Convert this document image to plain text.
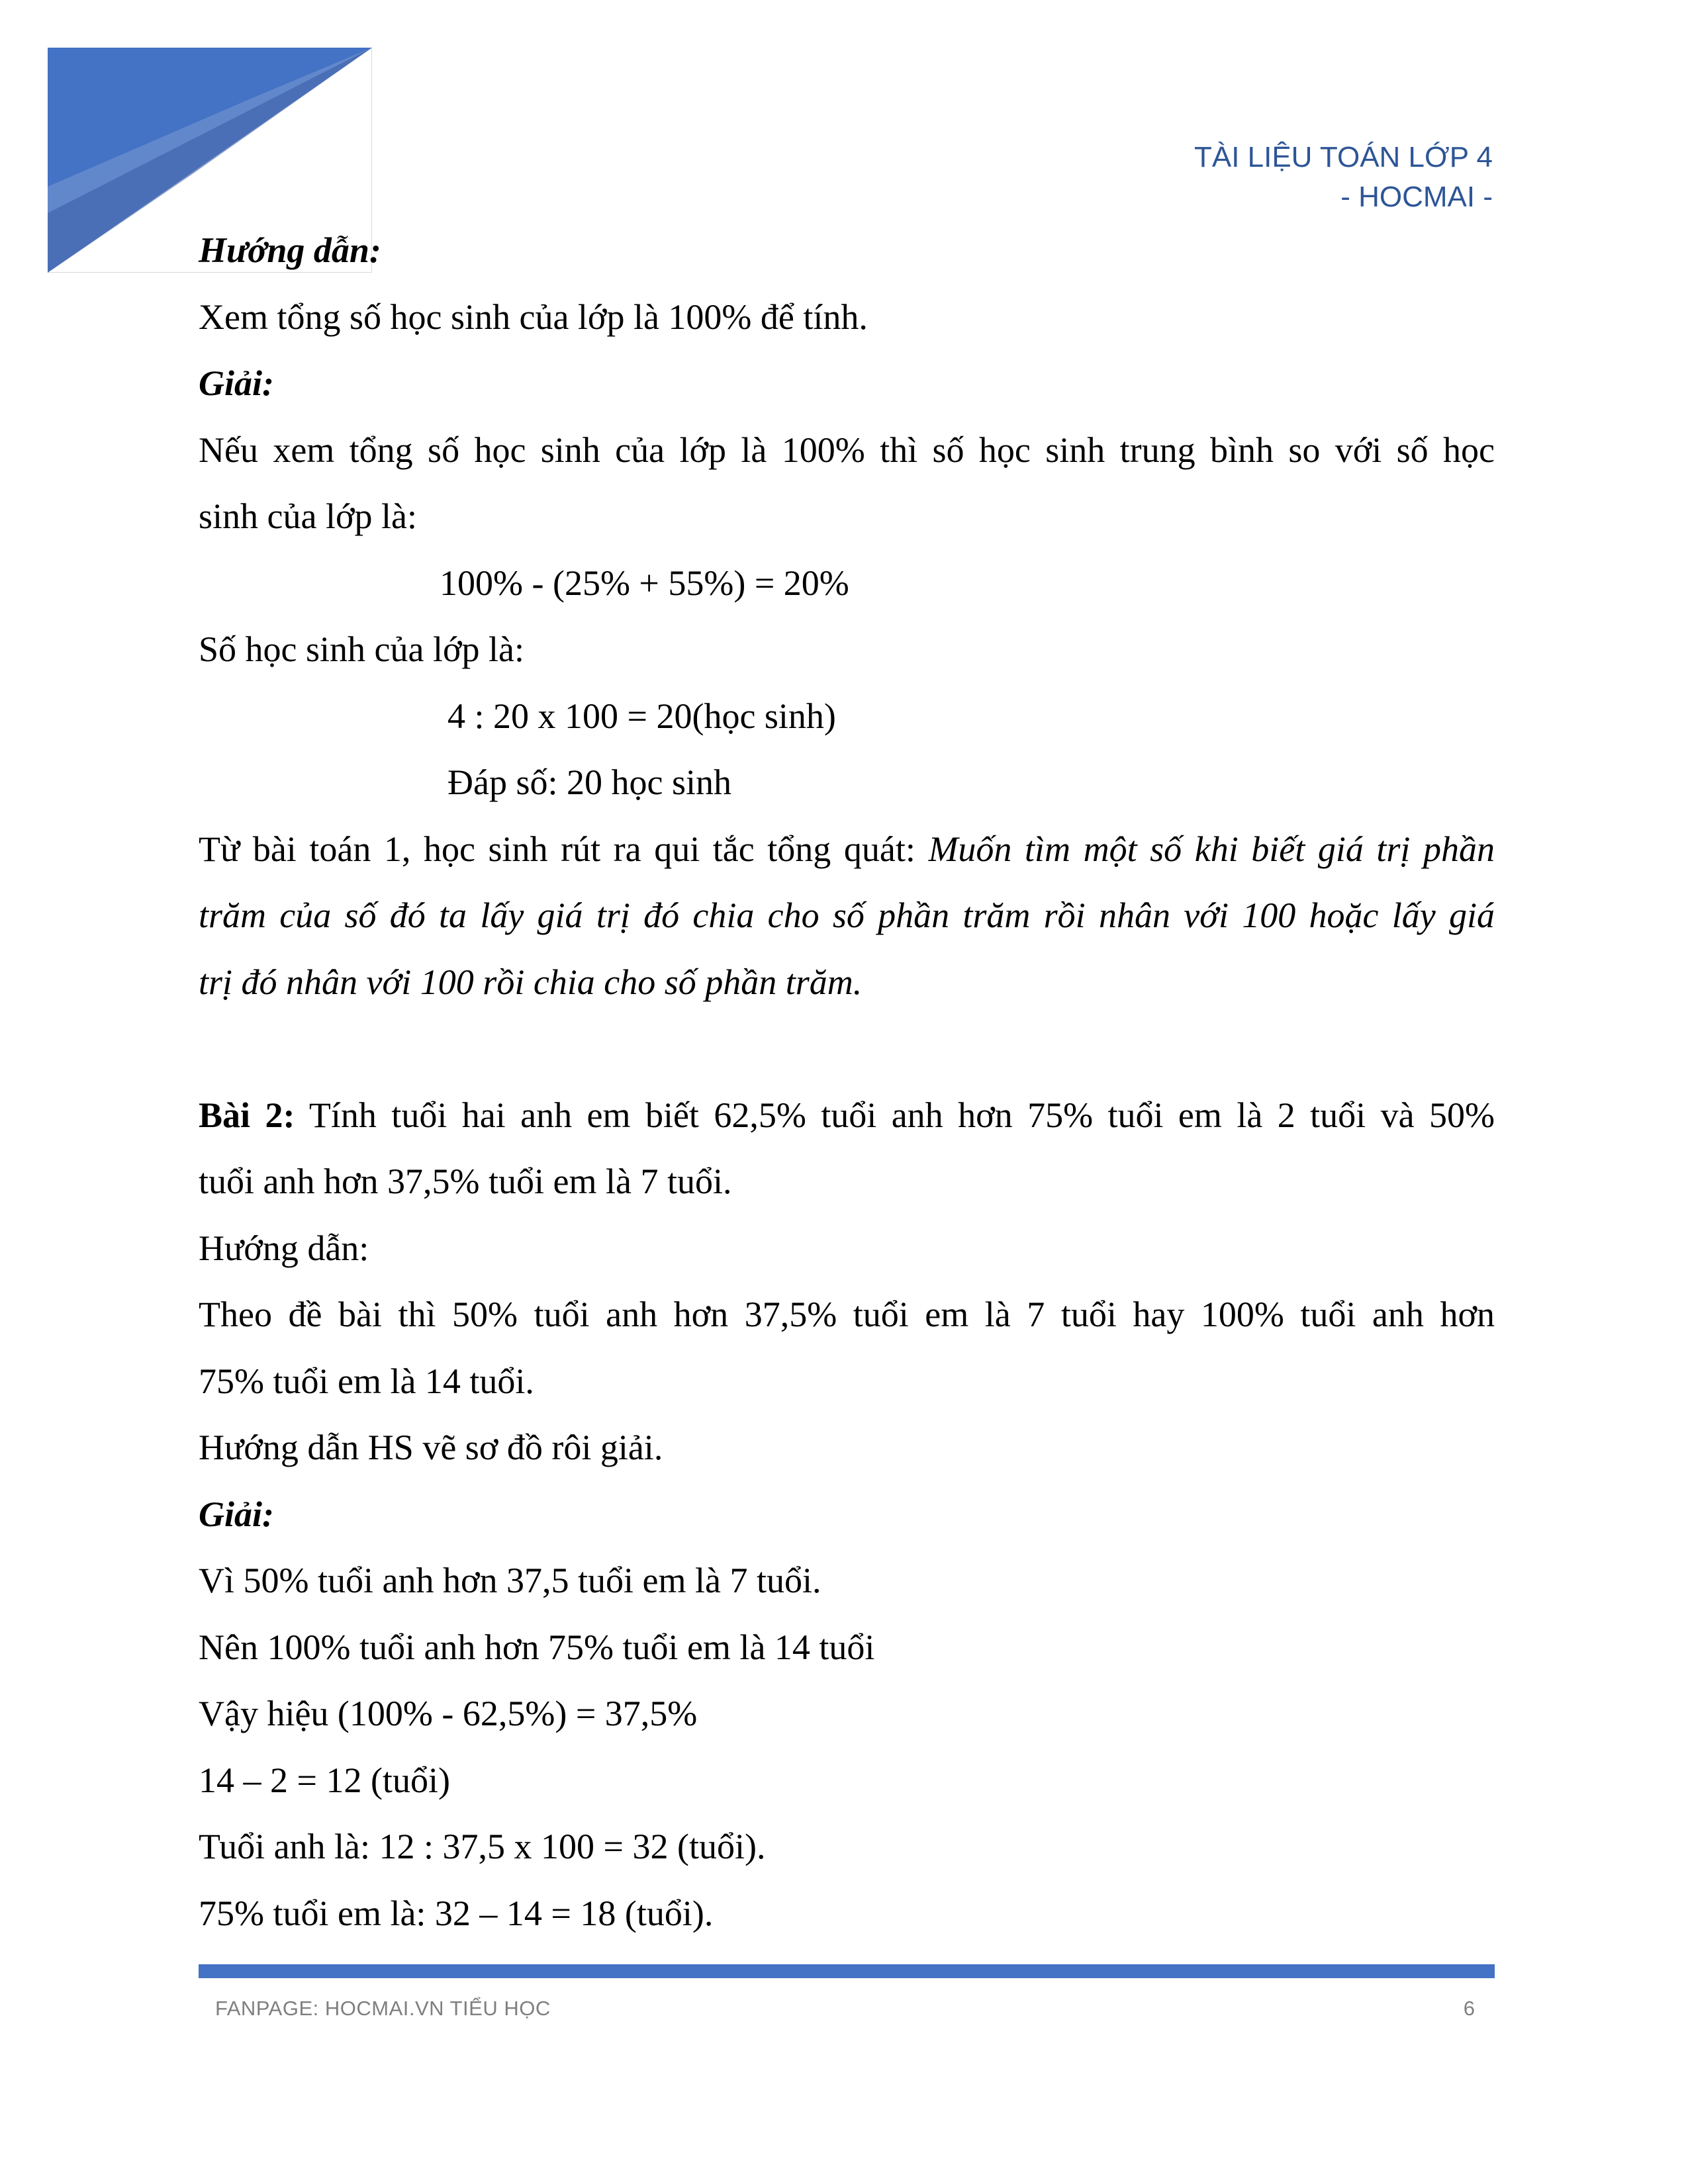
TÀI LIỆU TOÁN LỚP 4
- HOCMAI -
Hướng dẫn:
Xem tổng số học sinh của lớp là 100% để tính.
Giải:
Nếu xem tổng số học sinh của lớp là 100% thì số học sinh trung bình so với số học
sinh của lớp là:
100% - (25% + 55%) = 20%
Số học sinh của lớp là:
4 : 20 x 100 = 20(học sinh)
Đáp số: 20 học sinh
Từ bài toán 1, học sinh rút ra qui tắc tổng quát: Muốn tìm một số khi biết giá trị phần
trăm của số đó ta lấy giá trị đó chia cho số phần trăm rồi nhân với 100 hoặc lấy giá
trị đó nhân với 100 rồi chia cho số phần trăm.
Bài 2: Tính tuổi hai anh em biết 62,5% tuổi anh hơn 75% tuổi em là 2 tuổi và 50%
tuổi anh hơn 37,5% tuổi em là 7 tuổi.
Hướng dẫn:
Theo đề bài thì 50% tuổi anh hơn 37,5% tuổi em là 7 tuổi hay 100% tuổi anh hơn
75% tuổi em là 14 tuổi.
Hướng dẫn HS vẽ sơ đồ rôi giải.
Giải:
Vì 50% tuổi anh hơn 37,5 tuổi em là 7 tuổi.
Nên 100% tuổi anh hơn 75% tuổi em là 14 tuổi
Vậy hiệu (100% - 62,5%) = 37,5%
14 – 2 = 12 (tuổi)
Tuổi anh là: 12 : 37,5 x 100 = 32 (tuổi).
75% tuổi em là: 32 – 14 = 18 (tuổi).
FANPAGE: HOCMAI.VN TIỂU HỌC	6
